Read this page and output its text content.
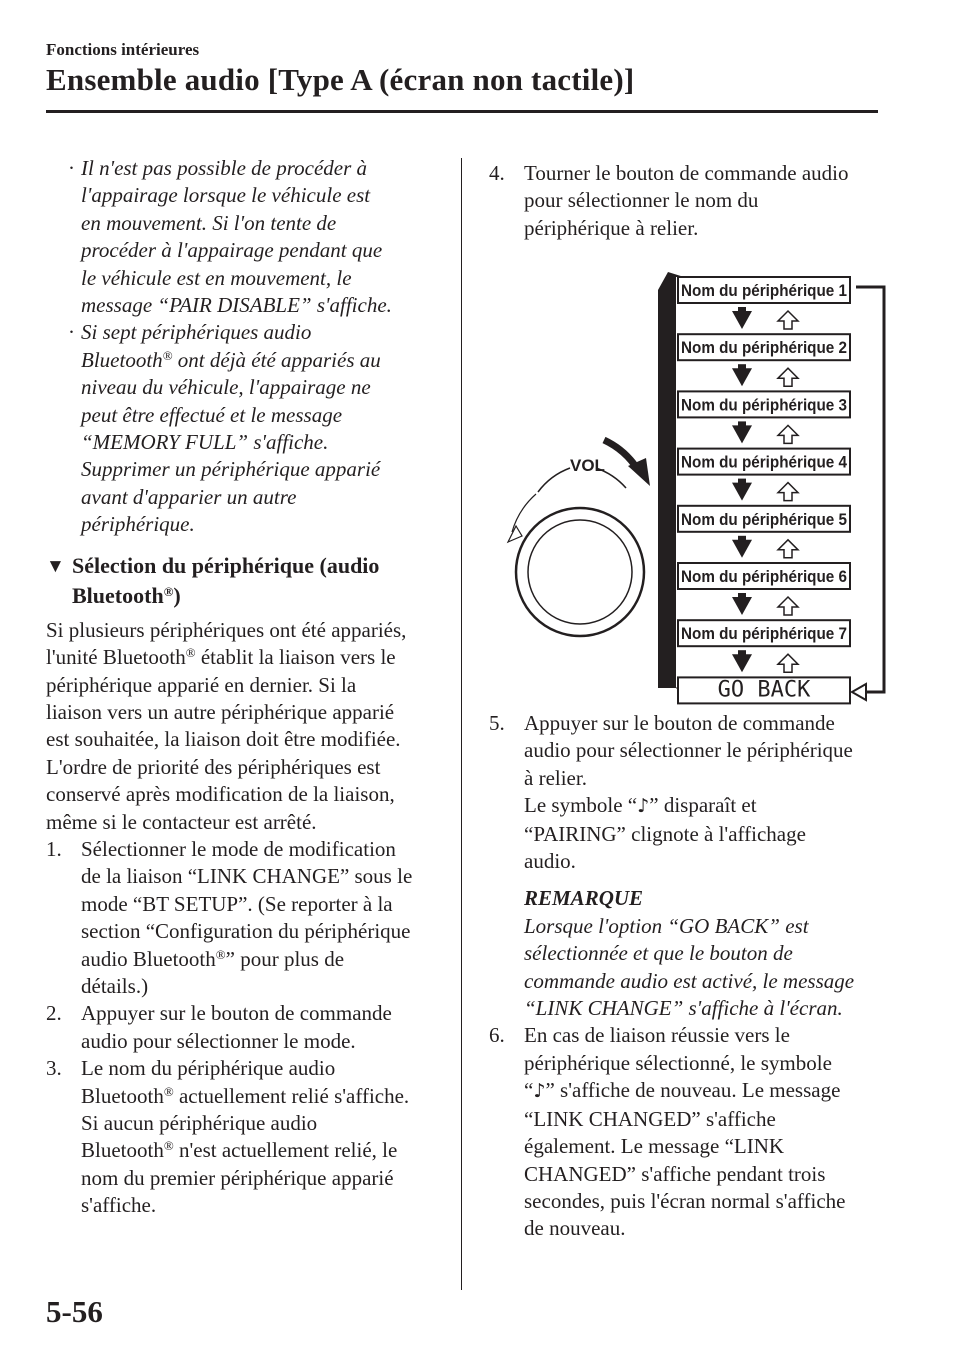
Fonctions intérieures
Ensemble audio [Type A (écran non tactile)]
· Il n'est pas possible de procéder à

l'appairage lorsque le véhicule est

en mouvement. Si l'on tente de

procéder à l'appairage pendant que

le véhicule est en mouvement, le

message “PAIR DISABLE” s'affiche.

· Si sept périphériques audio

Bluetooth® ont déjà été appariés au

niveau du véhicule, l'appairage ne

peut être effectué et le message

“MEMORY FULL” s'affiche.

Supprimer un périphérique apparié

avant d'apparier un autre

périphérique.

▼ Sélection du périphérique (audio

Bluetooth®)

Si plusieurs périphériques ont été appariés,

l'unité Bluetooth® établit la liaison vers le

périphérique apparié en dernier. Si la

liaison vers un autre périphérique apparié

est souhaitée, la liaison doit être modifiée.

L'ordre de priorité des périphériques est

conservé après modification de la liaison,

même si le contacteur est arrêté.

1. Sélectionner le mode de modification

de la liaison “LINK CHANGE” sous le

mode “BT SETUP”. (Se reporter à la

section “Configuration du périphérique

audio Bluetooth®” pour plus de

détails.)

2. Appuyer sur le bouton de commande

audio pour sélectionner le mode.

3. Le nom du périphérique audio

Bluetooth® actuellement relié s'affiche.

Si aucun périphérique audio

Bluetooth® n'est actuellement relié, le

nom du premier périphérique apparié

s'affiche.

4. Tourner le bouton de commande audio

pour sélectionner le nom du

périphérique à relier.

VOL
Nom du périphérique 1
Nom du périphérique 2
Nom du périphérique 3
Nom du périphérique 4
Nom du périphérique 5
Nom du périphérique 6
Nom du périphérique 7
GO BACK
5. Appuyer sur le bouton de commande

audio pour sélectionner le périphérique

à relier.

Le symbole “♪” disparaît et

“PAIRING” clignote à l'affichage

audio.

REMARQUE

Lorsque l'option “GO BACK” est

sélectionnée et que le bouton de

commande audio est activé, le message

“LINK CHANGE” s'affiche à l'écran.

6. En cas de liaison réussie vers le

périphérique sélectionné, le symbole

“♪” s'affiche de nouveau. Le message

“LINK CHANGED” s'affiche

également. Le message “LINK

CHANGED” s'affiche pendant trois

secondes, puis l'écran normal s'affiche

de nouveau.

5-56
